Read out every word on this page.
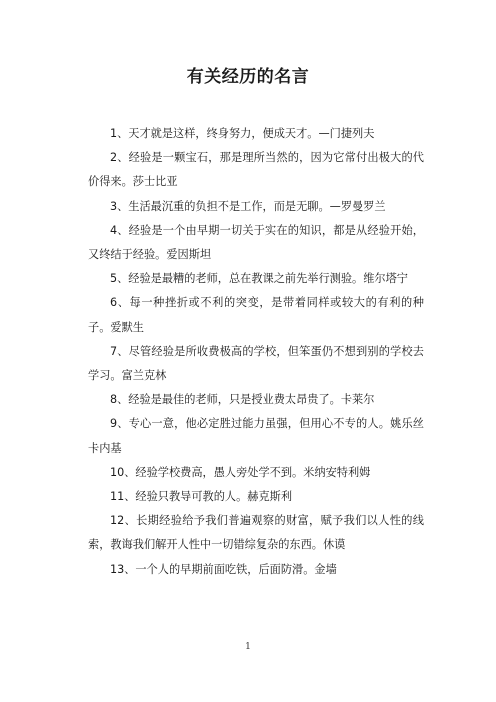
有关经历的名言
1、天才就是这样，终身努力，便成天才。—门捷列夫
2、经验是一颗宝石，那是理所当然的，因为它常付出极大的代价得来。莎士比亚
3、生活最沉重的负担不是工作，而是无聊。—罗曼罗兰
4、经验是一个由早期一切关于实在的知识，都是从经验开始，又终结于经验。爱因斯坦
5、经验是最糟的老师，总在教课之前先举行测验。维尔塔宁
6、每一种挫折或不利的突变，是带着同样或较大的有利的种子。爱默生
7、尽管经验是所收费极高的学校，但笨蛋仍不想到别的学校去学习。富兰克林
8、经验是最佳的老师，只是授业费太昂贵了。卡莱尔
9、专心一意，他必定胜过能力虽强，但用心不专的人。姚乐丝卡内基
10、经验学校费高，愚人旁处学不到。米纳安特利姆
11、经验只教导可教的人。赫克斯利
12、长期经验给予我们普遍观察的财富，赋予我们以人性的线索，教诲我们解开人性中一切错综复杂的东西。休谟
13、一个人的早期前面吃铁，后面防滑。金墙
1
